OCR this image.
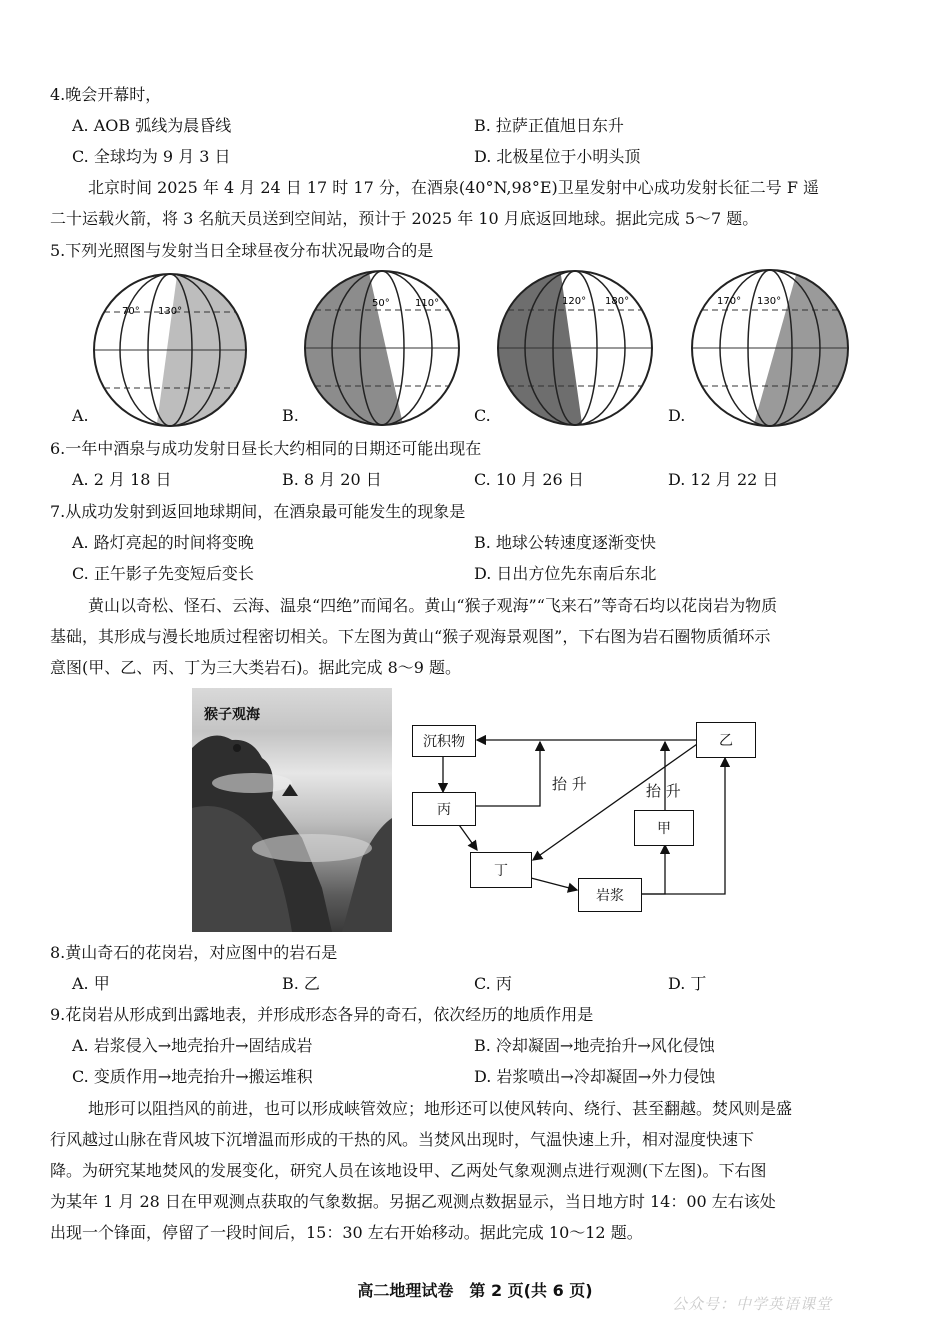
4.晚会开幕时，
A. AOB 弧线为晨昏线	B. 拉萨正值旭日东升
C. 全球均为 9 月 3 日	D. 北极星位于小明头顶
北京时间 2025 年 4 月 24 日 17 时 17 分，在酒泉(40°N,98°E)卫星发射中心成功发射长征二号 F 遥
二十运载火箭，将 3 名航天员送到空间站，预计于 2025 年 10 月底返回地球。据此完成 5～7 题。
5.下列光照图与发射当日全球昼夜分布状况最吻合的是
70° 130°
50°	110°	120° 180°	170° 130°
A.	B.	C.	D.
6.一年中酒泉与成功发射日昼长大约相同的日期还可能出现在
A. 2 月 18 日	B. 8 月 20 日	C. 10 月 26 日	D. 12 月 22 日
7.从成功发射到返回地球期间，在酒泉最可能发生的现象是
A. 路灯亮起的时间将变晚	B. 地球公转速度逐渐变快
C. 正午影子先变短后变长	D. 日出方位先东南后东北
黄山以奇松、怪石、云海、温泉“四绝”而闻名。黄山“猴子观海”“飞来石”等奇石均以花岗岩为物质
基础，其形成与漫长地质过程密切相关。下左图为黄山“猴子观海景观图”，下右图为岩石圈物质循环示
意图(甲、乙、丙、丁为三大类岩石)。据此完成 8～9 题。
猴子观海
沉积物	乙
丙
甲
丁
岩浆
抬 升	抬 升
8.黄山奇石的花岗岩，对应图中的岩石是
A. 甲	B. 乙	C. 丙	D. 丁
9.花岗岩从形成到出露地表，并形成形态各异的奇石，依次经历的地质作用是
A. 岩浆侵入→地壳抬升→固结成岩	B. 冷却凝固→地壳抬升→风化侵蚀
C. 变质作用→地壳抬升→搬运堆积	D. 岩浆喷出→冷却凝固→外力侵蚀
地形可以阻挡风的前进，也可以形成峡管效应；地形还可以使风转向、绕行、甚至翻越。焚风则是盛
行风越过山脉在背风坡下沉增温而形成的干热的风。当焚风出现时，气温快速上升，相对湿度快速下
降。为研究某地焚风的发展变化，研究人员在该地设甲、乙两处气象观测点进行观测(下左图)。下右图
为某年 1 月 28 日在甲观测点获取的气象数据。另据乙观测点数据显示，当日地方时 14：00 左右该处
出现一个锋面，停留了一段时间后，15：30 左右开始移动。据此完成 10～12 题。
高二地理试卷　第 2 页(共 6 页)
公众号：中学英语课堂
